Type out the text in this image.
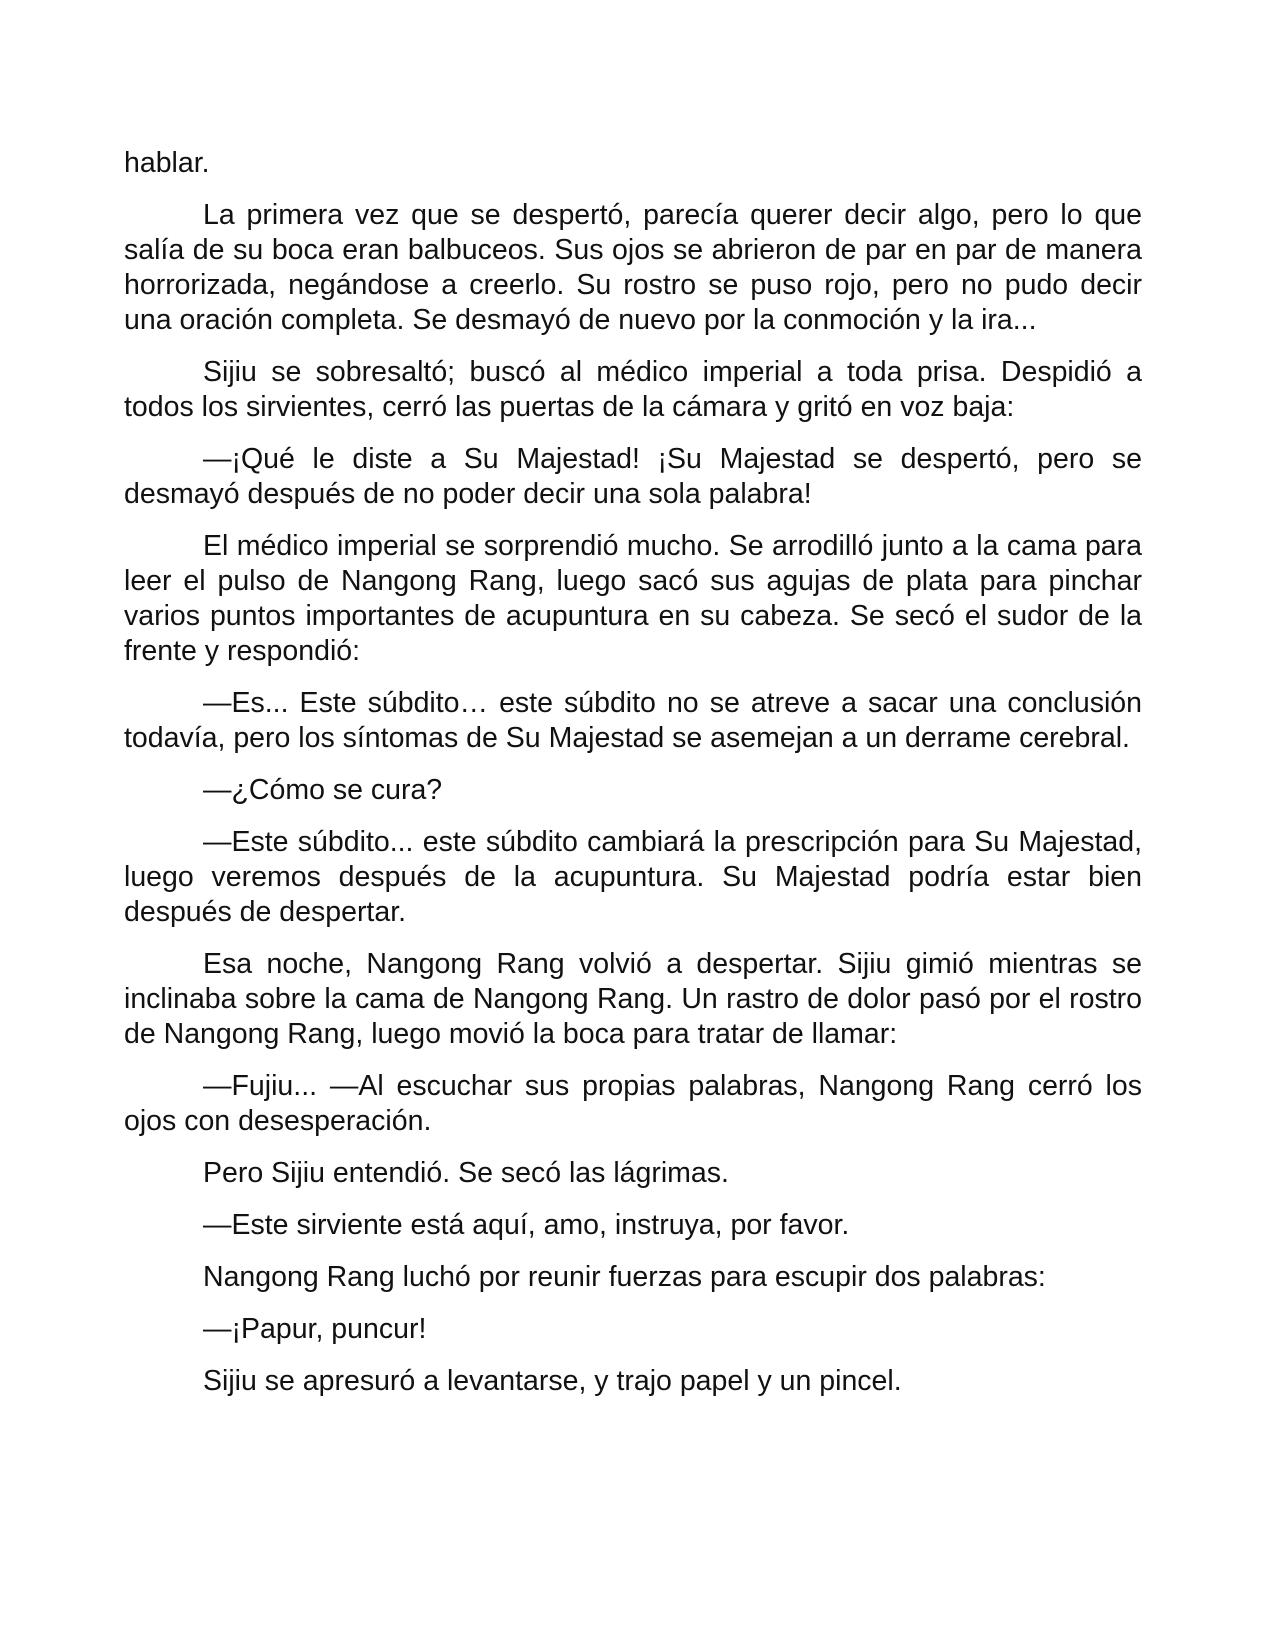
hablar.

La primera vez que se despertó, parecía querer decir algo, pero lo que salía de su boca eran balbuceos. Sus ojos se abrieron de par en par de manera horrorizada, negándose a creerlo. Su rostro se puso rojo, pero no pudo decir una oración completa. Se desmayó de nuevo por la conmoción y la ira...

Sijiu se sobresaltó; buscó al médico imperial a toda prisa. Despidió a todos los sirvientes, cerró las puertas de la cámara y gritó en voz baja:

—¡Qué le diste a Su Majestad! ¡Su Majestad se despertó, pero se desmayó después de no poder decir una sola palabra!

El médico imperial se sorprendió mucho. Se arrodilló junto a la cama para leer el pulso de Nangong Rang, luego sacó sus agujas de plata para pinchar varios puntos importantes de acupuntura en su cabeza. Se secó el sudor de la frente y respondió:

—Es... Este súbdito… este súbdito no se atreve a sacar una conclusión todavía, pero los síntomas de Su Majestad se asemejan a un derrame cerebral.

—¿Cómo se cura?

—Este súbdito... este súbdito cambiará la prescripción para Su Majestad, luego veremos después de la acupuntura. Su Majestad podría estar bien después de despertar.

Esa noche, Nangong Rang volvió a despertar. Sijiu gimió mientras se inclinaba sobre la cama de Nangong Rang. Un rastro de dolor pasó por el rostro de Nangong Rang, luego movió la boca para tratar de llamar:

—Fujiu... —Al escuchar sus propias palabras, Nangong Rang cerró los ojos con desesperación.

Pero Sijiu entendió. Se secó las lágrimas.

—Este sirviente está aquí, amo, instruya, por favor.

Nangong Rang luchó por reunir fuerzas para escupir dos palabras:

—¡Papur, puncur!

Sijiu se apresuró a levantarse, y trajo papel y un pincel.
